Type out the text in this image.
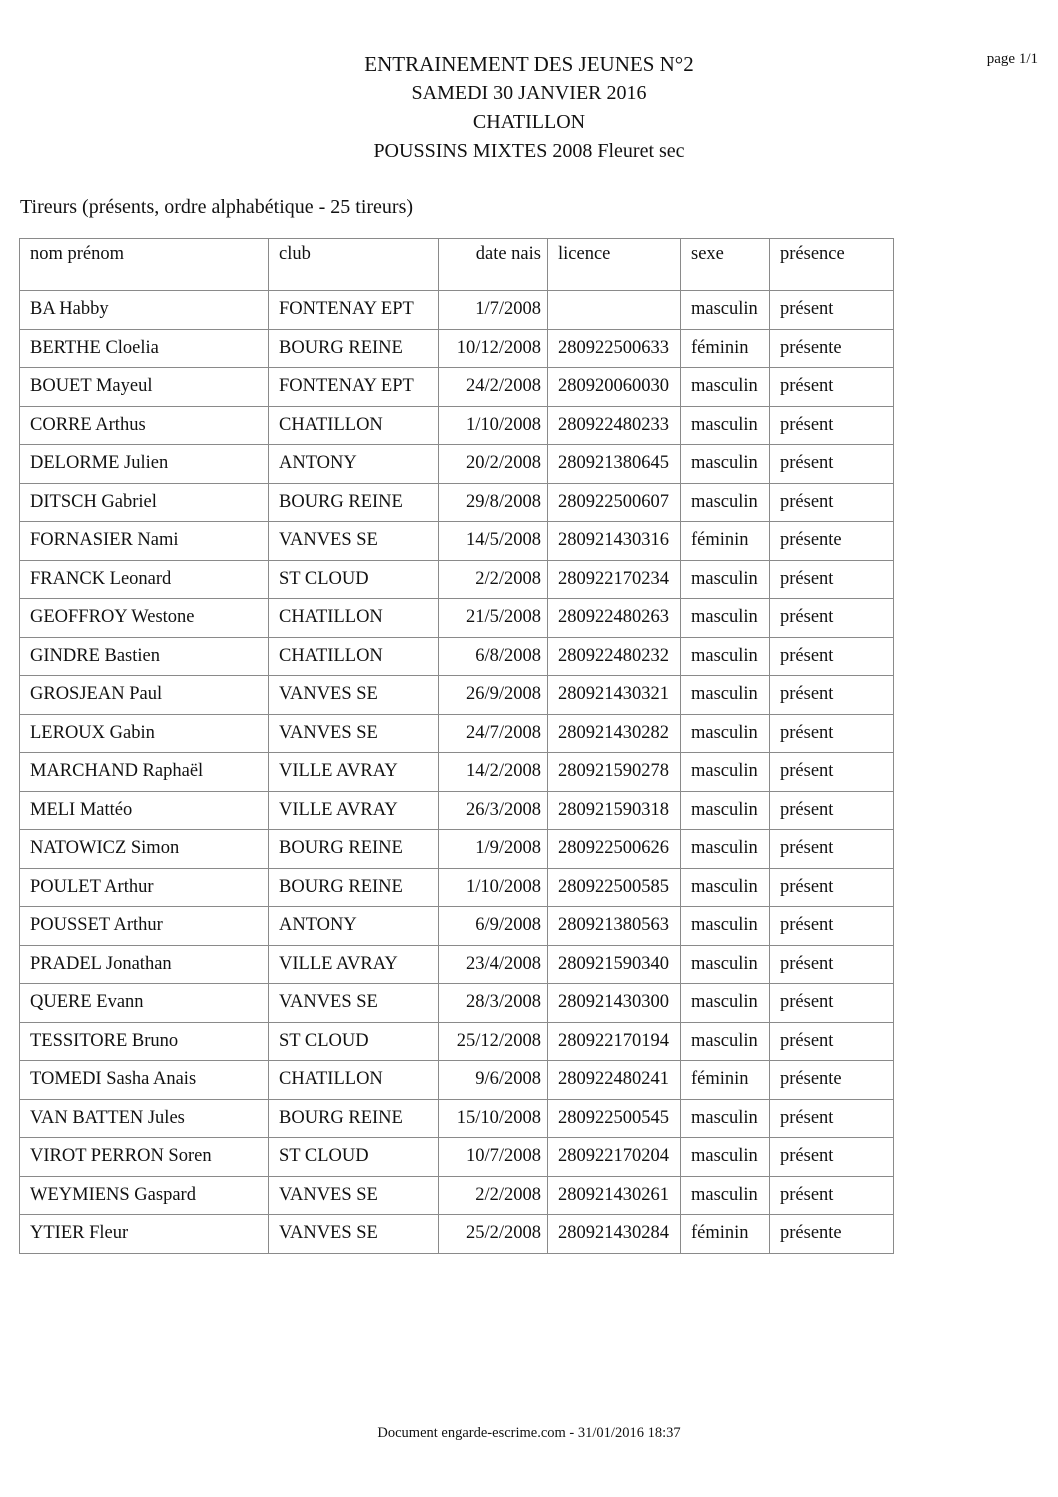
ENTRAINEMENT DES JEUNES N°2
SAMEDI 30 JANVIER 2016
CHATILLON
POUSSINS MIXTES 2008 Fleuret sec
page 1/1
Tireurs (présents, ordre alphabétique - 25 tireurs)
nom prénom	club	date nais	licence	sexe	présence
BA Habby	FONTENAY EPT	1/7/2008		masculin	présent
BERTHE Cloelia	BOURG REINE	10/12/2008	280922500633	féminin	présente
BOUET Mayeul	FONTENAY EPT	24/2/2008	280920060030	masculin	présent
CORRE Arthus	CHATILLON	1/10/2008	280922480233	masculin	présent
DELORME Julien	ANTONY	20/2/2008	280921380645	masculin	présent
DITSCH Gabriel	BOURG REINE	29/8/2008	280922500607	masculin	présent
FORNASIER Nami	VANVES SE	14/5/2008	280921430316	féminin	présente
FRANCK Leonard	ST CLOUD	2/2/2008	280922170234	masculin	présent
GEOFFROY Westone	CHATILLON	21/5/2008	280922480263	masculin	présent
GINDRE Bastien	CHATILLON	6/8/2008	280922480232	masculin	présent
GROSJEAN Paul	VANVES SE	26/9/2008	280921430321	masculin	présent
LEROUX Gabin	VANVES SE	24/7/2008	280921430282	masculin	présent
MARCHAND Raphaël	VILLE AVRAY	14/2/2008	280921590278	masculin	présent
MELI Mattéo	VILLE AVRAY	26/3/2008	280921590318	masculin	présent
NATOWICZ Simon	BOURG REINE	1/9/2008	280922500626	masculin	présent
POULET Arthur	BOURG REINE	1/10/2008	280922500585	masculin	présent
POUSSET Arthur	ANTONY	6/9/2008	280921380563	masculin	présent
PRADEL Jonathan	VILLE AVRAY	23/4/2008	280921590340	masculin	présent
QUERE Evann	VANVES SE	28/3/2008	280921430300	masculin	présent
TESSITORE Bruno	ST CLOUD	25/12/2008	280922170194	masculin	présent
TOMEDI Sasha Anais	CHATILLON	9/6/2008	280922480241	féminin	présente
VAN BATTEN Jules	BOURG REINE	15/10/2008	280922500545	masculin	présent
VIROT PERRON Soren	ST CLOUD	10/7/2008	280922170204	masculin	présent
WEYMIENS Gaspard	VANVES SE	2/2/2008	280921430261	masculin	présent
YTIER Fleur	VANVES SE	25/2/2008	280921430284	féminin	présente
Document engarde-escrime.com - 31/01/2016 18:37
